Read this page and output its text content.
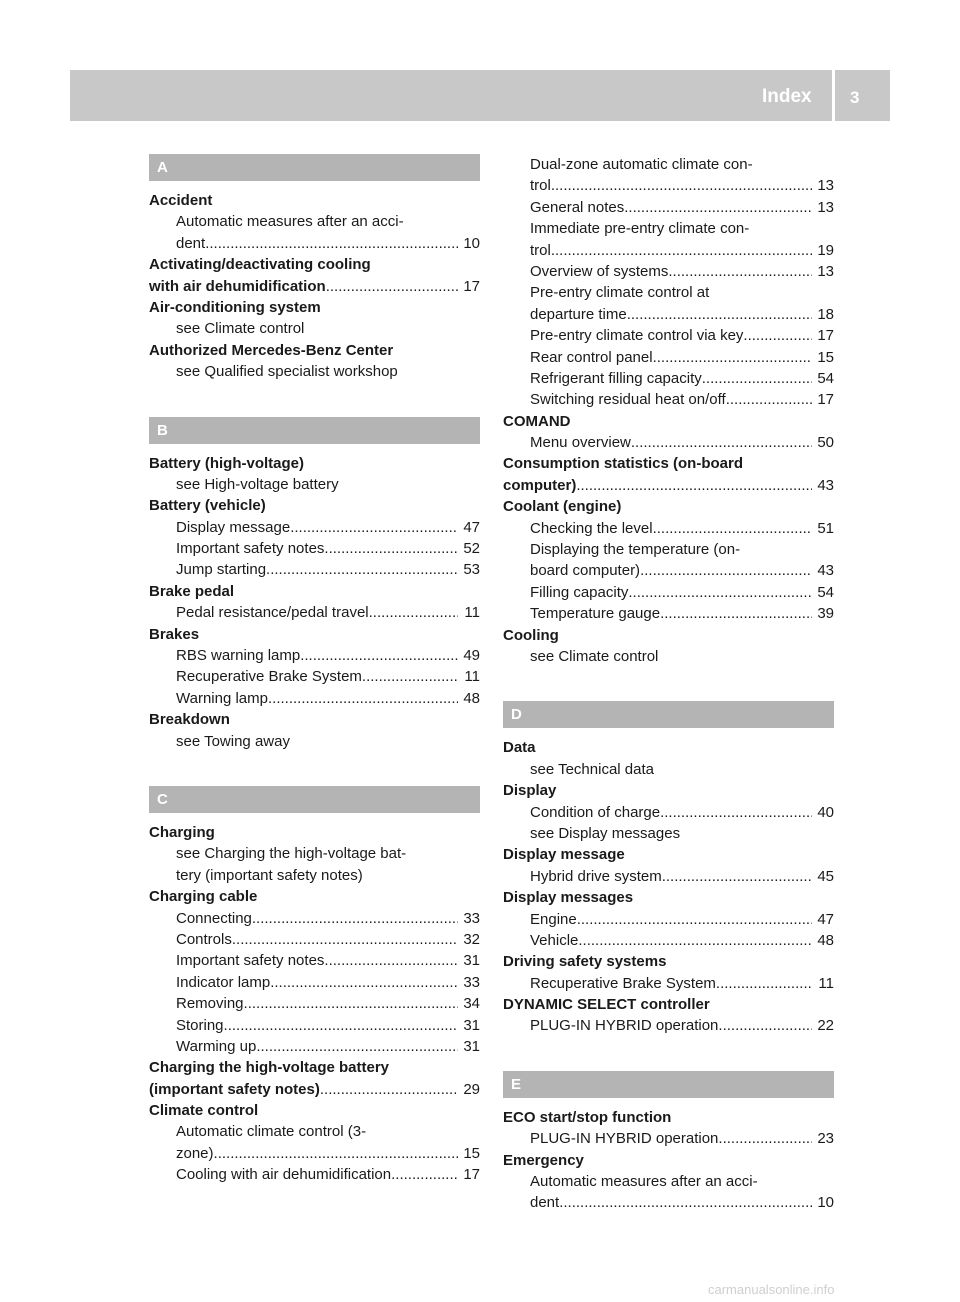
Index	3
A
Accident
Automatic measures after an acci-
dent .....	10
Activating/deactivating cooling
with air dehumidification .....	17
Air-conditioning system
see Climate control
Authorized Mercedes-Benz Center
see Qualified specialist workshop
B
Battery (high-voltage)
see High-voltage battery
Battery (vehicle)
Display message .....	47
Important safety notes .....	52
Jump starting .....	53
Brake pedal
Pedal resistance/pedal travel .....	11
Brakes
RBS warning lamp .....	49
Recuperative Brake System .....	11
Warning lamp .....	48
Breakdown
see Towing away
C
Charging
see Charging the high-voltage bat-
tery (important safety notes)
Charging cable
Connecting .....	33
Controls .....	32
Important safety notes .....	31
Indicator lamp .....	33
Removing .....	34
Storing .....	31
Warming up .....	31
Charging the high-voltage battery
(important safety notes) .....	29
Climate control
Automatic climate control (3-
zone) .....	15
Cooling with air dehumidification .....	17
Dual-zone automatic climate con-
trol .....	13
General notes .....	13
Immediate pre-entry climate con-
trol .....	19
Overview of systems .....	13
Pre-entry climate control at
departure time .....	18
Pre-entry climate control via key .....	17
Rear control panel .....	15
Refrigerant filling capacity .....	54
Switching residual heat on/off .....	17
COMAND
Menu overview .....	50
Consumption statistics (on-board
computer) .....	43
Coolant (engine)
Checking the level .....	51
Displaying the temperature (on-
board computer) .....	43
Filling capacity .....	54
Temperature gauge .....	39
Cooling
see Climate control
D
Data
see Technical data
Display
Condition of charge .....	40
see Display messages
Display message
Hybrid drive system .....	45
Display messages
Engine .....	47
Vehicle .....	48
Driving safety systems
Recuperative Brake System .....	11
DYNAMIC SELECT controller
PLUG-IN HYBRID operation .....	22
E
ECO start/stop function
PLUG-IN HYBRID operation .....	23
Emergency
Automatic measures after an acci-
dent .....	10
carmanualsonline.info
